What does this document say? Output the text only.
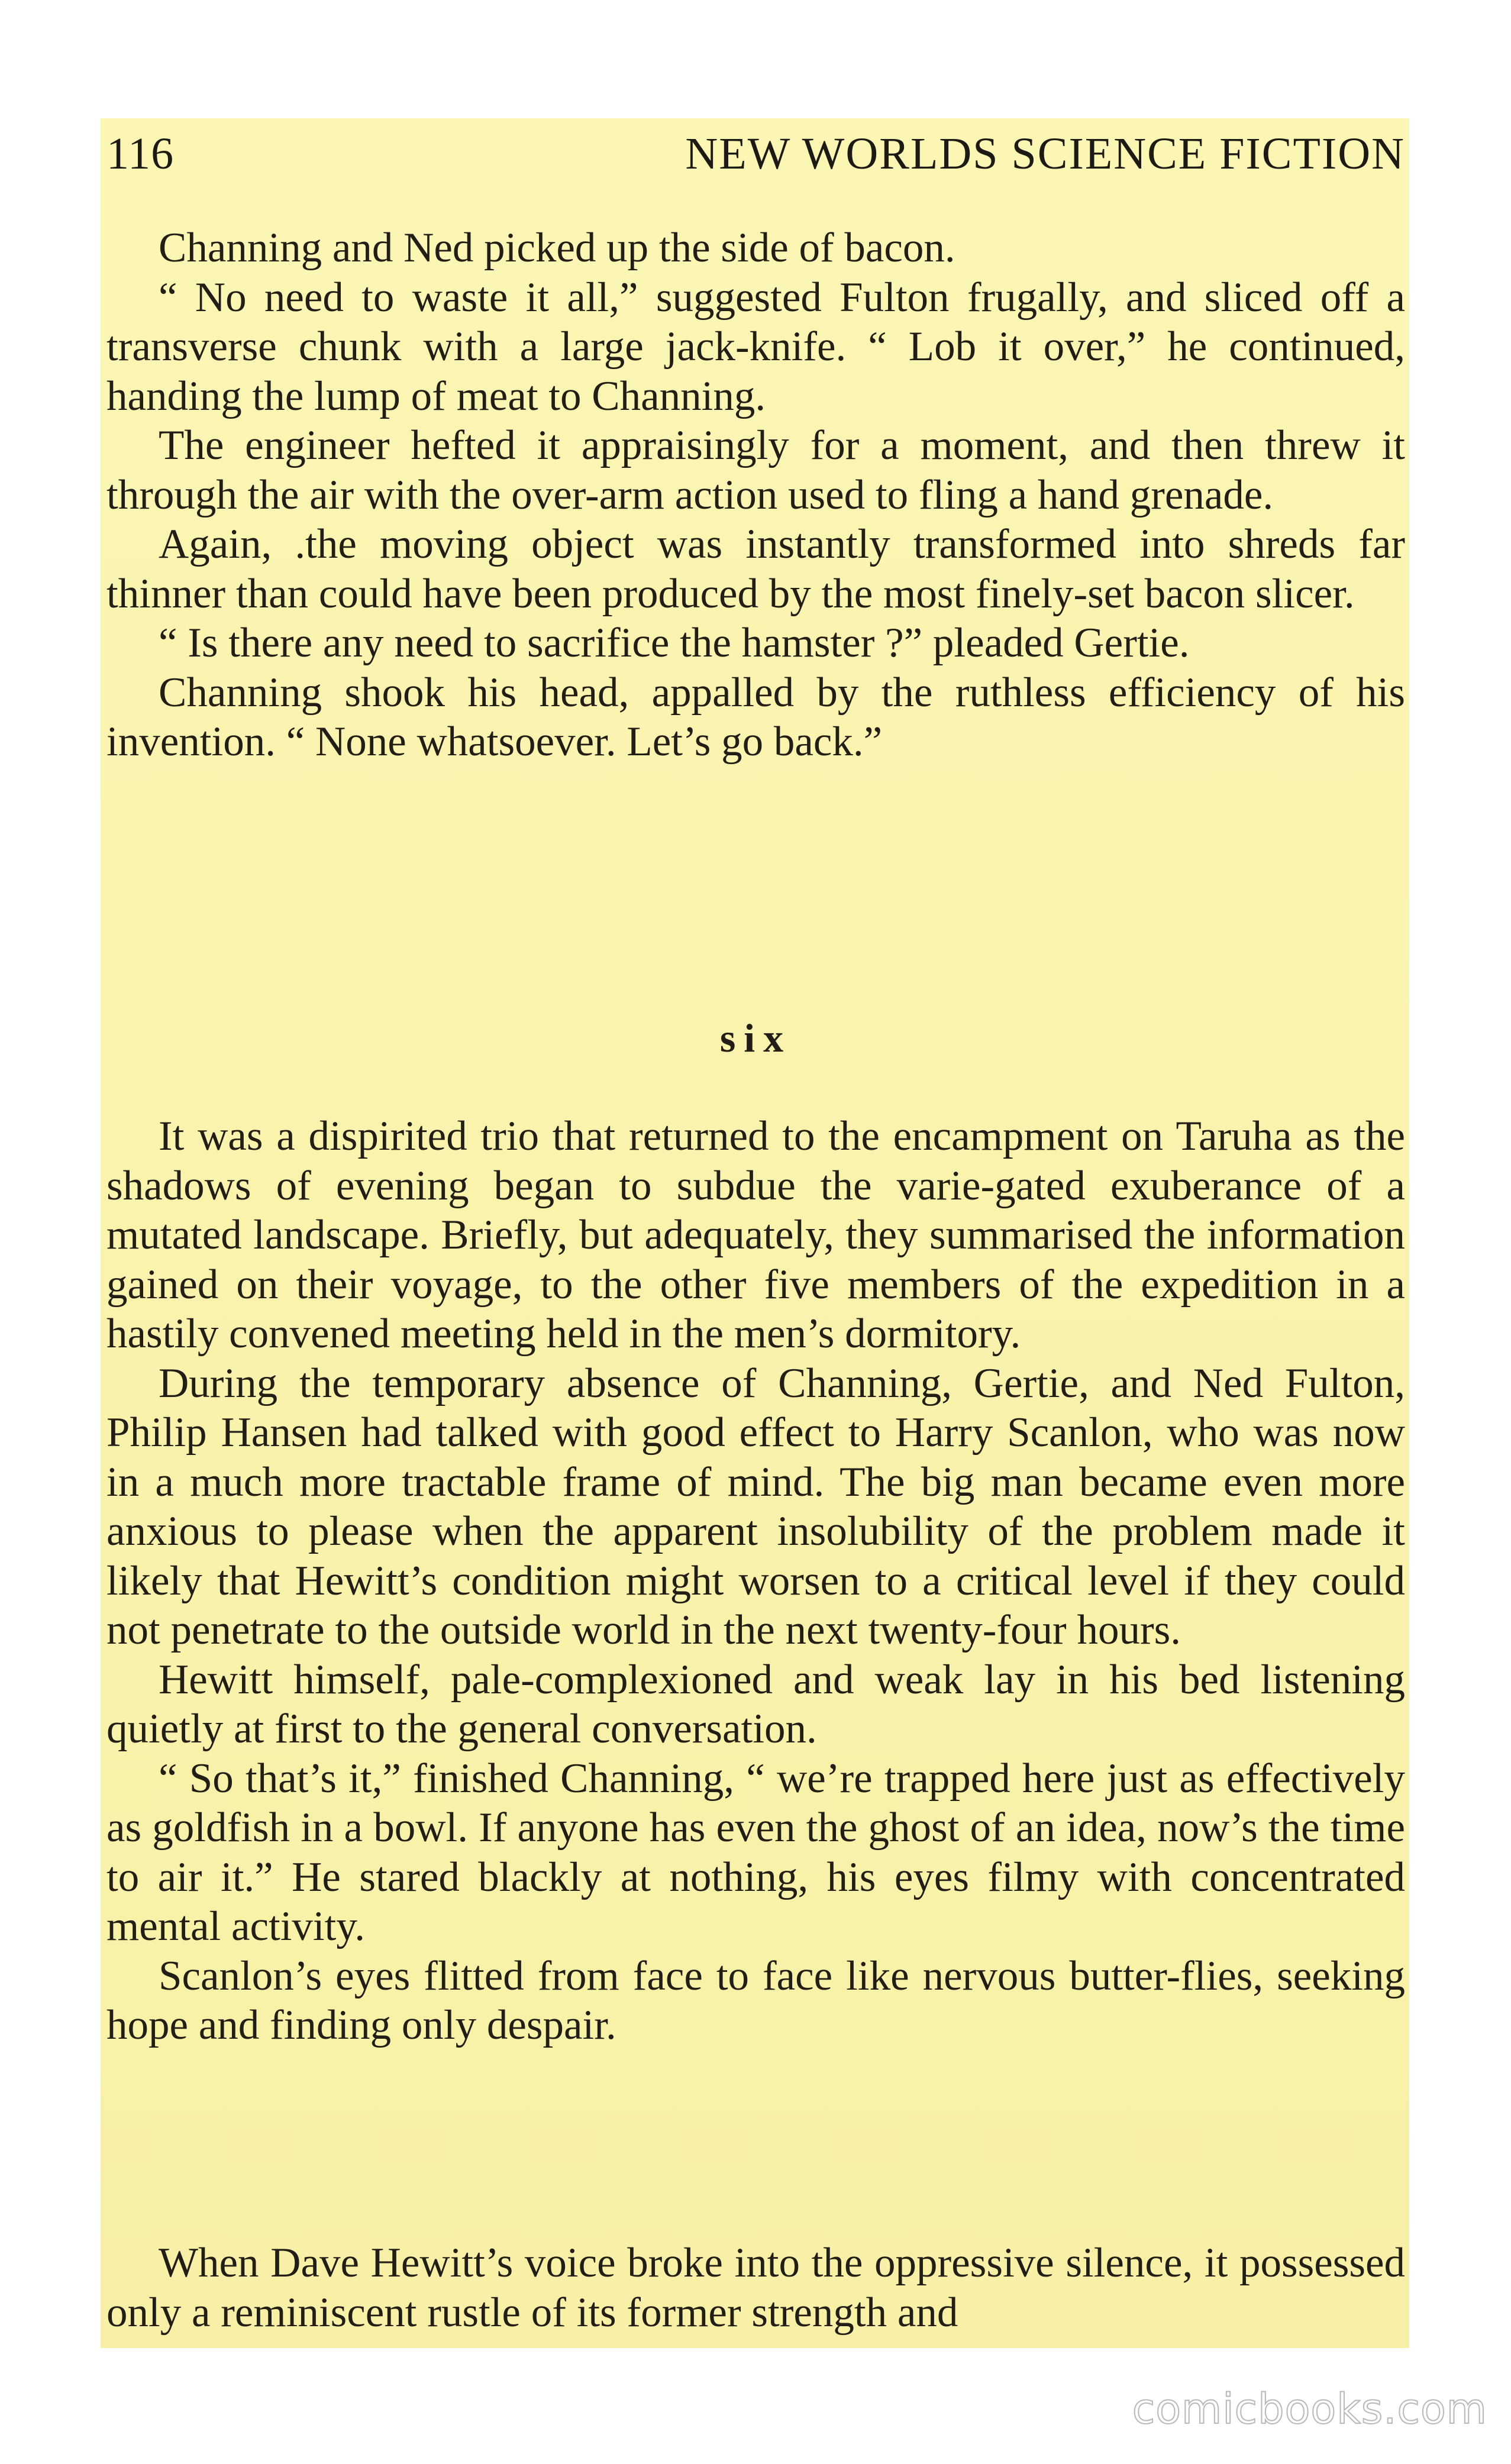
116	NEW WORLDS SCIENCE FICTION

Channing and Ned picked up the side of bacon.

“ No need to waste it all,” suggested Fulton frugally, and sliced off a transverse chunk with a large jack-knife. “ Lob it over,” he continued, handing the lump of meat to Channing.

The engineer hefted it appraisingly for a moment, and then threw it through the air with the over-arm action used to fling a hand grenade.

Again, .the moving object was instantly transformed into shreds far thinner than could have been produced by the most finely-set bacon slicer.

“ Is there any need to sacrifice the hamster ?” pleaded Gertie.

Channing shook his head, appalled by the ruthless efficiency of his invention. “ None whatsoever. Let’s go back.”

six

It was a dispirited trio that returned to the encampment on Taruha as the shadows of evening began to subdue the varie-gated exuberance of a mutated landscape. Briefly, but adequately, they summarised the information gained on their voyage, to the other five members of the expedition in a hastily convened meeting held in the men’s dormitory.

During the temporary absence of Channing, Gertie, and Ned Fulton, Philip Hansen had talked with good effect to Harry Scanlon, who was now in a much more tractable frame of mind. The big man became even more anxious to please when the apparent insolubility of the problem made it likely that Hewitt’s condition might worsen to a critical level if they could not penetrate to the outside world in the next twenty-four hours.

Hewitt himself, pale-complexioned and weak lay in his bed listening quietly at first to the general conversation.

“ So that’s it,” finished Channing, “ we’re trapped here just as effectively as goldfish in a bowl. If anyone has even the ghost of an idea, now’s the time to air it.” He stared blackly at nothing, his eyes filmy with concentrated mental activity.

Scanlon’s eyes flitted from face to face like nervous butter-flies, seeking hope and finding only despair.

When Dave Hewitt’s voice broke into the oppressive silence, it possessed only a reminiscent rustle of its former strength and

comicbooks.com
